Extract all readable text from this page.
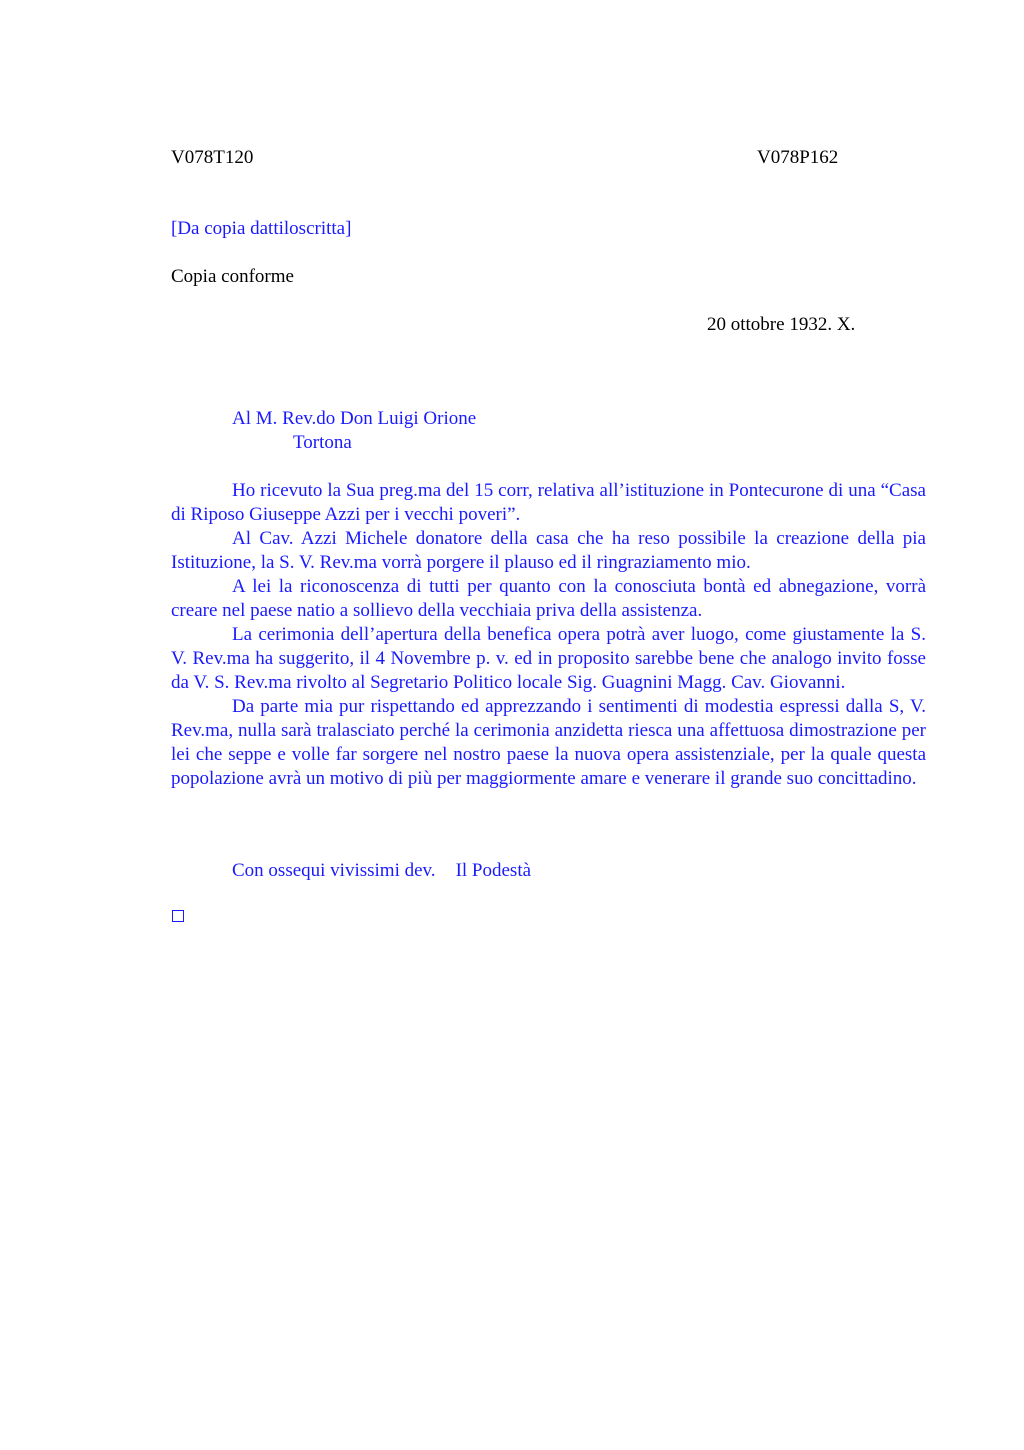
V078T120	V078P162
[Da copia dattiloscritta]
Copia conforme
20 ottobre 1932. X.
Al M. Rev.do Don Luigi Orione
Tortona

Ho ricevuto la Sua preg.ma del 15 corr, relativa all’istituzione in Pontecurone di una “Casa di Riposo Giuseppe Azzi per i vecchi poveri”.

Al Cav. Azzi Michele donatore della casa che ha reso possibile la creazione della pia Istituzione, la S. V. Rev.ma vorrà porgere il plauso ed il ringraziamento mio.

A lei la riconoscenza di tutti per quanto con la conosciuta bontà ed abnegazione, vorrà creare nel paese natio a sollievo della vecchiaia priva della assistenza.

La cerimonia dell’apertura della benefica opera potrà aver luogo, come giustamente la S. V. Rev.ma ha suggerito, il 4 Novembre p. v. ed in proposito sarebbe bene che analogo invito fosse da V. S. Rev.ma rivolto al Segretario Politico locale Sig. Guagnini Magg. Cav. Giovanni.

Da parte mia pur rispettando ed apprezzando i sentimenti di modestia espressi dalla S, V. Rev.ma, nulla sarà tralasciato perché la cerimonia anzidetta riesca una affettuosa dimostrazione per lei che seppe e volle far sorgere nel nostro paese la nuova opera assistenziale, per la quale questa popolazione avrà un motivo di più per maggiormente amare e venerare il grande suo concittadino.

Con ossequi vivissimi dev. Il Podestà
